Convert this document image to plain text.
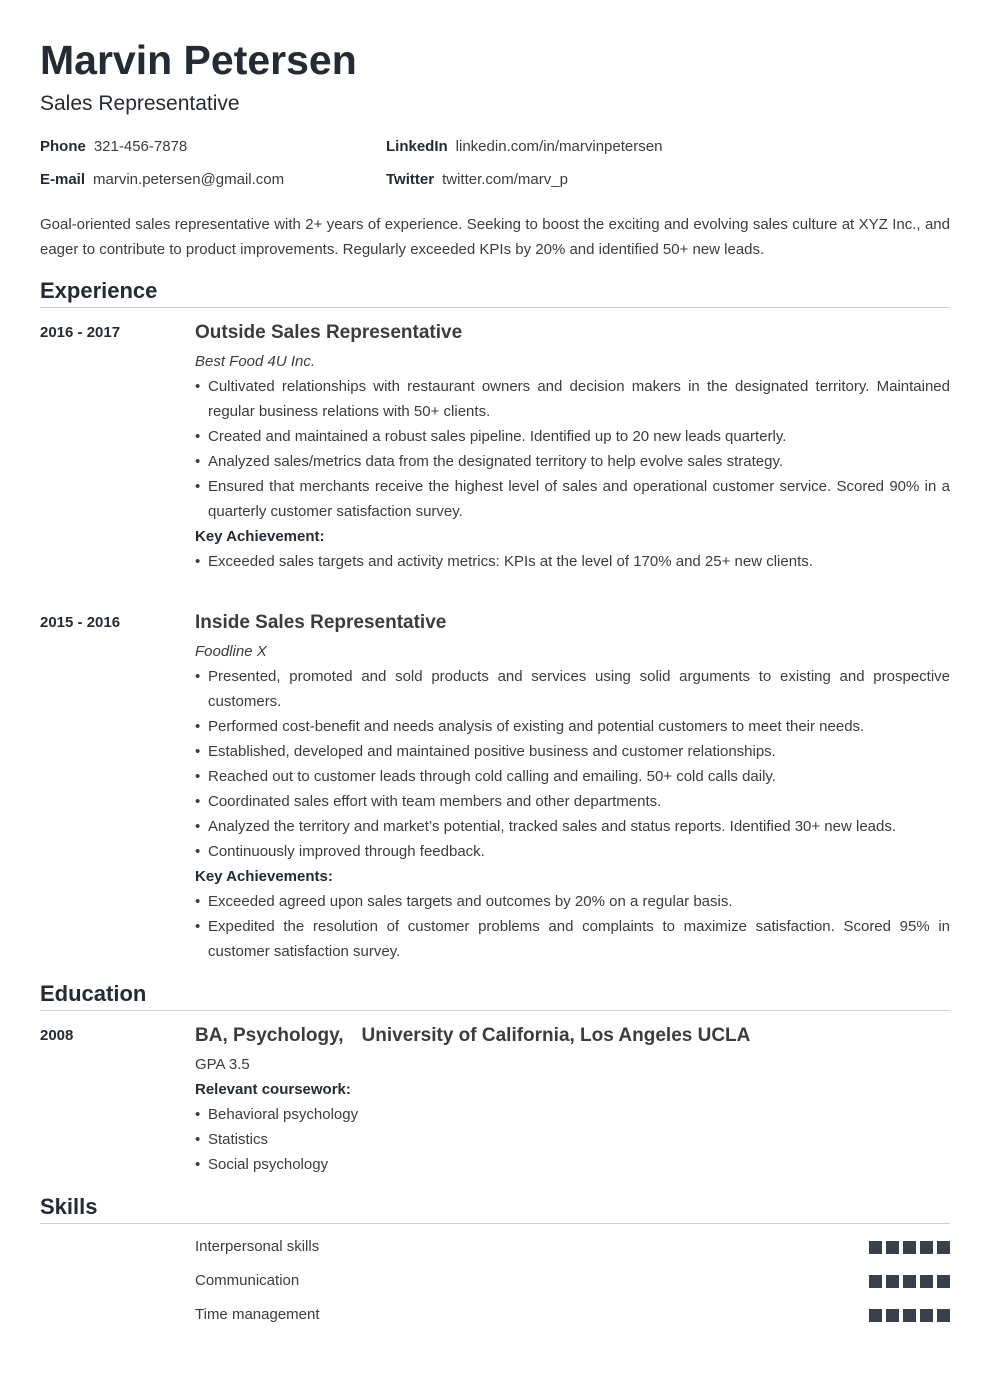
Marvin Petersen
Sales Representative
Phone 321-456-7878	LinkedIn linkedin.com/in/marvinpetersen
E-mail marvin.petersen@gmail.com	Twitter twitter.com/marv_p
Goal-oriented sales representative with 2+ years of experience. Seeking to boost the exciting and evolving sales culture at XYZ Inc., and eager to contribute to product improvements. Regularly exceeded KPIs by 20% and identified 50+ new leads.
Experience
2016 - 2017	Outside Sales Representative
Best Food 4U Inc.
• Cultivated relationships with restaurant owners and decision makers in the designated territory. Maintained regular business relations with 50+ clients.
• Created and maintained a robust sales pipeline. Identified up to 20 new leads quarterly.
• Analyzed sales/metrics data from the designated territory to help evolve sales strategy.
• Ensured that merchants receive the highest level of sales and operational customer service. Scored 90% in a quarterly customer satisfaction survey.
Key Achievement:
• Exceeded sales targets and activity metrics: KPIs at the level of 170% and 25+ new clients.
2015 - 2016	Inside Sales Representative
Foodline X
• Presented, promoted and sold products and services using solid arguments to existing and prospective customers.
• Performed cost-benefit and needs analysis of existing and potential customers to meet their needs.
• Established, developed and maintained positive business and customer relationships.
• Reached out to customer leads through cold calling and emailing. 50+ cold calls daily.
• Coordinated sales effort with team members and other departments.
• Analyzed the territory and market’s potential, tracked sales and status reports. Identified 30+ new leads.
• Continuously improved through feedback.
Key Achievements:
• Exceeded agreed upon sales targets and outcomes by 20% on a regular basis.
• Expedited the resolution of customer problems and complaints to maximize satisfaction. Scored 95% in customer satisfaction survey.
Education
2008	BA, Psychology, University of California, Los Angeles UCLA
GPA 3.5
Relevant coursework:
• Behavioral psychology
• Statistics
• Social psychology
Skills
Interpersonal skills
Communication
Time management
